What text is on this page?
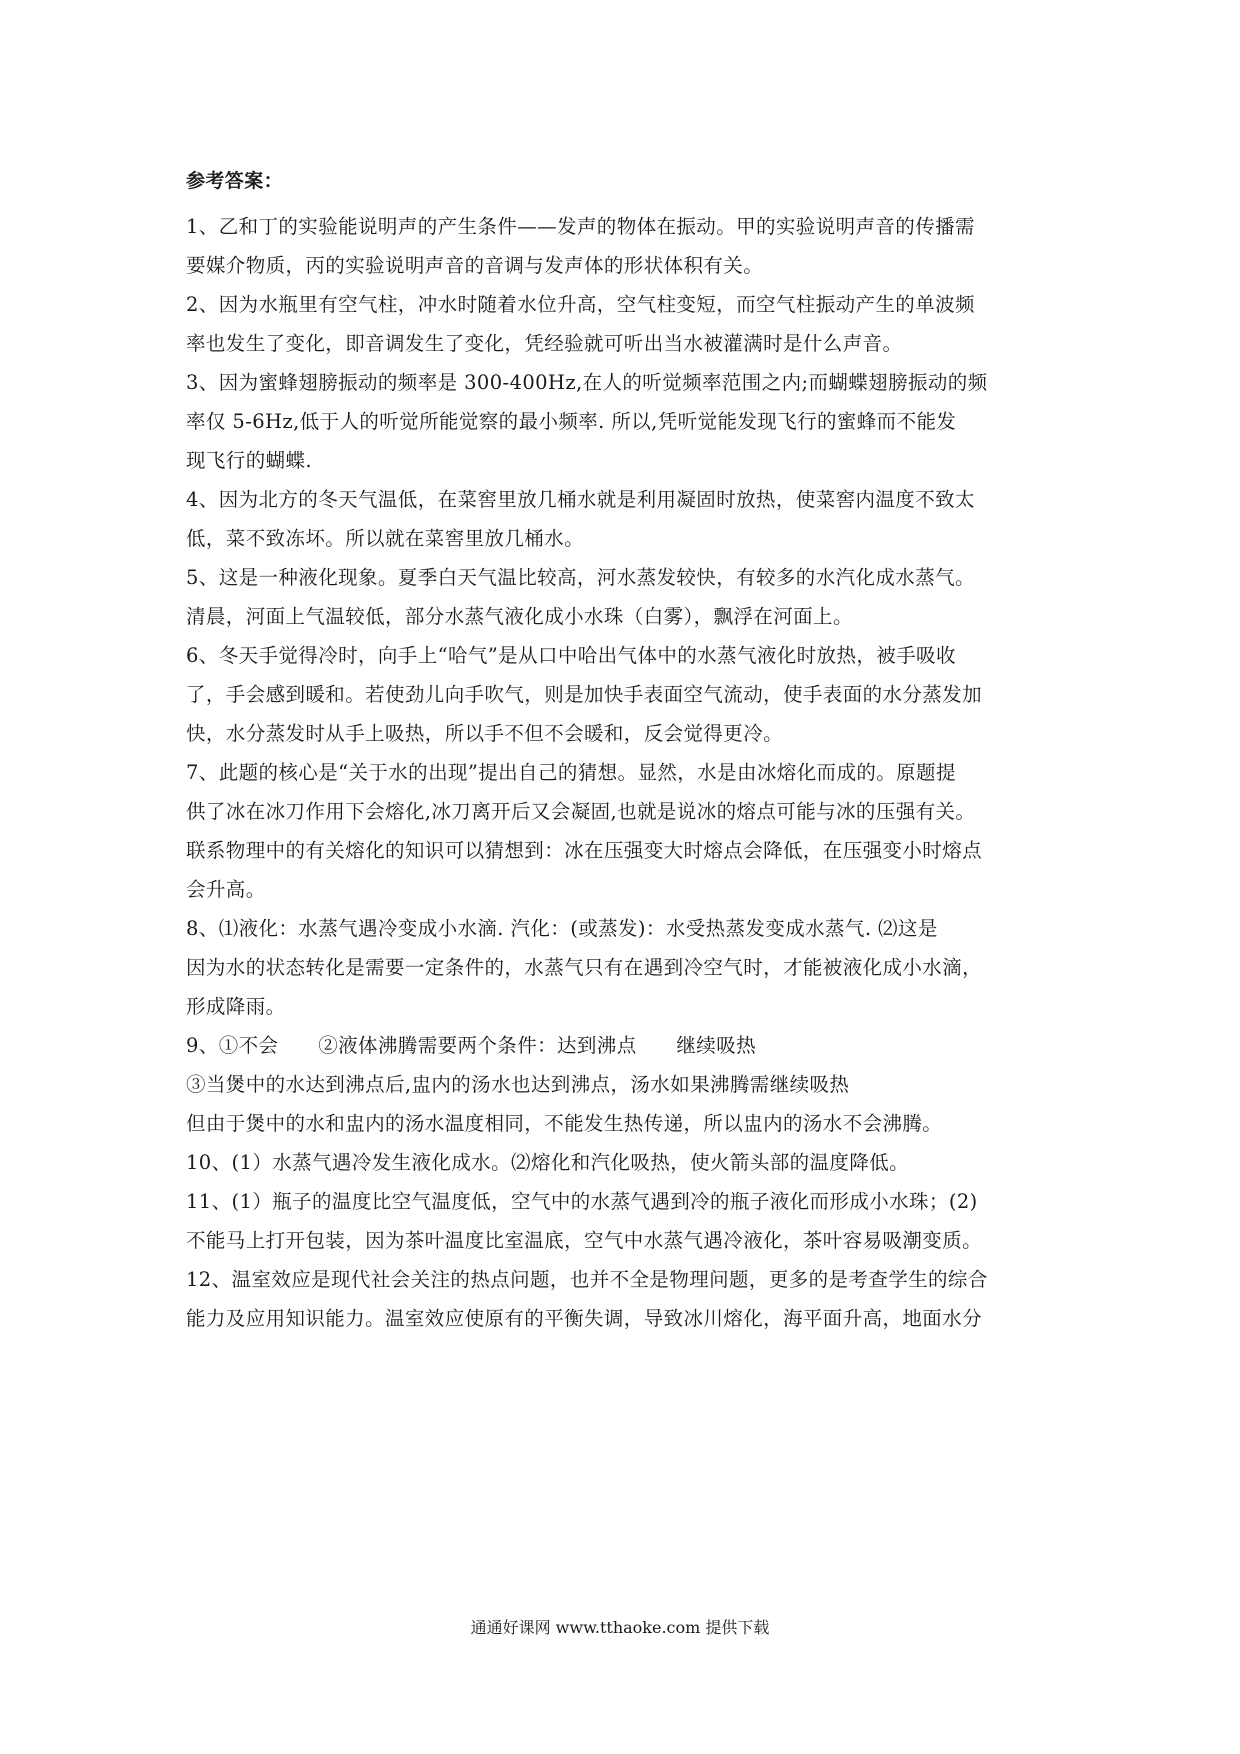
参考答案：

1、乙和丁的实验能说明声的产生条件——发声的物体在振动。甲的实验说明声音的传播需
要媒介物质，丙的实验说明声音的音调与发声体的形状体积有关。

2、因为水瓶里有空气柱，冲水时随着水位升高，空气柱变短，而空气柱振动产生的单波频
率也发生了变化，即音调发生了变化，凭经验就可听出当水被灌满时是什么声音。

3、因为蜜蜂翅膀振动的频率是 300-400Hz,在人的听觉频率范围之内;而蝴蝶翅膀振动的频
率仅 5-6Hz,低于人的听觉所能觉察的最小频率. 所以,凭听觉能发现飞行的蜜蜂而不能发
现飞行的蝴蝶.

4、因为北方的冬天气温低，在菜窖里放几桶水就是利用凝固时放热，使菜窖内温度不致太
低，菜不致冻坏。所以就在菜窖里放几桶水。

5、这是一种液化现象。夏季白天气温比较高，河水蒸发较快，有较多的水汽化成水蒸气。
清晨，河面上气温较低，部分水蒸气液化成小水珠（白雾），飘浮在河面上。

6、冬天手觉得冷时，向手上“哈气”是从口中哈出气体中的水蒸气液化时放热，被手吸收
了，手会感到暖和。若使劲儿向手吹气，则是加快手表面空气流动，使手表面的水分蒸发加
快，水分蒸发时从手上吸热，所以手不但不会暖和，反会觉得更冷。

7、此题的核心是“关于水的出现”提出自己的猜想。显然，水是由冰熔化而成的。原题提
供了冰在冰刀作用下会熔化,冰刀离开后又会凝固,也就是说冰的熔点可能与冰的压强有关。
联系物理中的有关熔化的知识可以猜想到：冰在压强变大时熔点会降低，在压强变小时熔点
会升高。

8、⑴液化：水蒸气遇冷变成小水滴. 汽化：(或蒸发)：水受热蒸发变成水蒸气. ⑵这是
因为水的状态转化是需要一定条件的，水蒸气只有在遇到冷空气时，才能被液化成小水滴，
形成降雨。

9、①不会　　②液体沸腾需要两个条件：达到沸点　　继续吸热
③当煲中的水达到沸点后,盅内的汤水也达到沸点，汤水如果沸腾需继续吸热
但由于煲中的水和盅内的汤水温度相同，不能发生热传递，所以盅内的汤水不会沸腾。

10、(1）水蒸气遇冷发生液化成水。⑵熔化和汽化吸热，使火箭头部的温度降低。

11、(1）瓶子的温度比空气温度低，空气中的水蒸气遇到冷的瓶子液化而形成小水珠；(2)
不能马上打开包装，因为茶叶温度比室温底，空气中水蒸气遇冷液化，茶叶容易吸潮变质。

12、温室效应是现代社会关注的热点问题，也并不全是物理问题，更多的是考查学生的综合
能力及应用知识能力。温室效应使原有的平衡失调，导致冰川熔化，海平面升高，地面水分

通通好课网 www.tthaoke.com 提供下载
